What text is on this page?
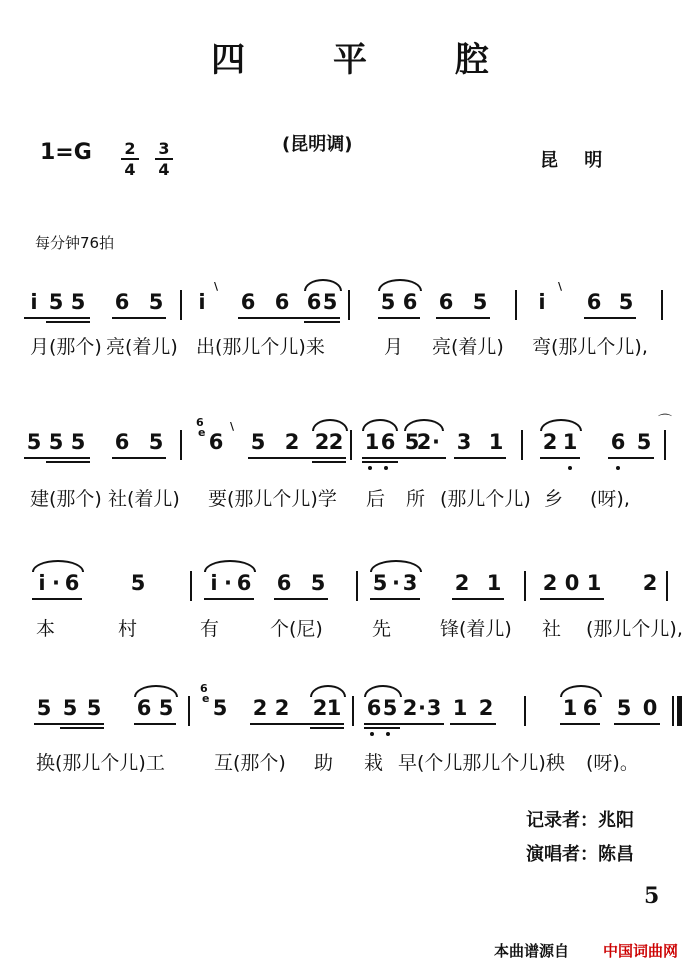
四 平 腔
1=G	2
4
3
4
(昆明调)
昆 明
每分钟76拍
i̇ 5 5 6 5	i̇	6 6 6 5 5 6 6 5	i̇	6 5
\	\
月(那个) 亮(着儿) 出(那儿个儿)来	月 亮(着儿) 弯(那儿个儿),
5 5 5 6 5
6
e 6
\
5 2 2 2 1 6 5
2 · 3 1 2 1 6 5
⌒
建(那个) 社(着儿) 要(那儿个儿)学 后 所 (那儿个儿) 乡 (呀),
i̇ · 6 5	i̇ · 6 6 5 5 · 3 2 1 2 0 1 2
本	村	有	个(尼)	先	锋(着儿) 社 (那儿个儿),
5 5 5 6 5
6
e 5 2 2 2 1 6 5 2 · 3 1 2	1 6 5 0
换(那儿个儿)工	互(那个) 助 栽 早(个儿那儿个儿)秧 (呀)。
记录者：兆阳
演唱者：陈昌
5
本曲谱源自 中国词曲网
